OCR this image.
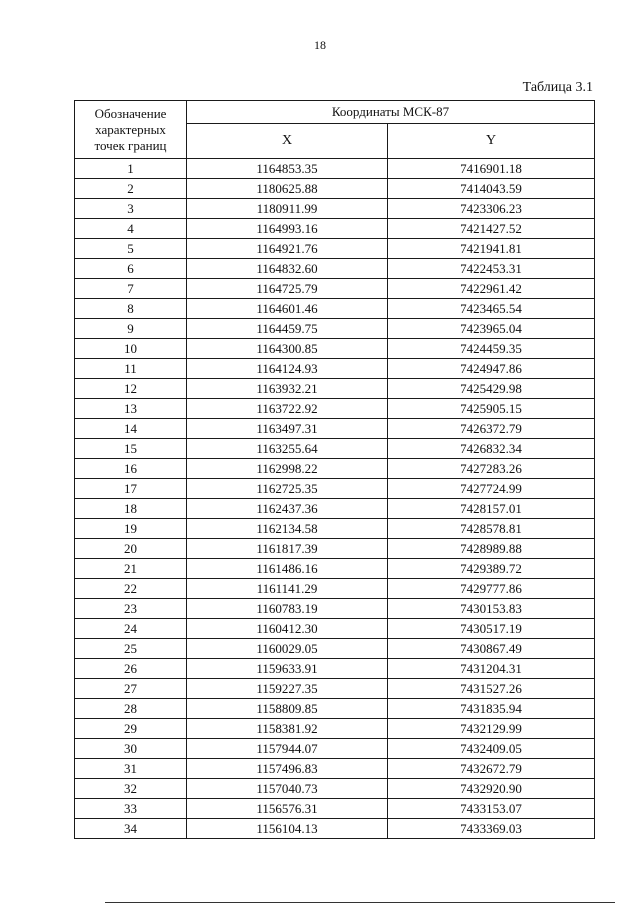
18
Таблица 3.1
Обозначение
характерных
точек границ	Координаты МСК-87	
	X	Y
1	1164853.35	7416901.18
2	1180625.88	7414043.59
3	1180911.99	7423306.23
4	1164993.16	7421427.52
5	1164921.76	7421941.81
6	1164832.60	7422453.31
7	1164725.79	7422961.42
8	1164601.46	7423465.54
9	1164459.75	7423965.04
10	1164300.85	7424459.35
11	1164124.93	7424947.86
12	1163932.21	7425429.98
13	1163722.92	7425905.15
14	1163497.31	7426372.79
15	1163255.64	7426832.34
16	1162998.22	7427283.26
17	1162725.35	7427724.99
18	1162437.36	7428157.01
19	1162134.58	7428578.81
20	1161817.39	7428989.88
21	1161486.16	7429389.72
22	1161141.29	7429777.86
23	1160783.19	7430153.83
24	1160412.30	7430517.19
25	1160029.05	7430867.49
26	1159633.91	7431204.31
27	1159227.35	7431527.26
28	1158809.85	7431835.94
29	1158381.92	7432129.99
30	1157944.07	7432409.05
31	1157496.83	7432672.79
32	1157040.73	7432920.90
33	1156576.31	7433153.07
34	1156104.13	7433369.03
